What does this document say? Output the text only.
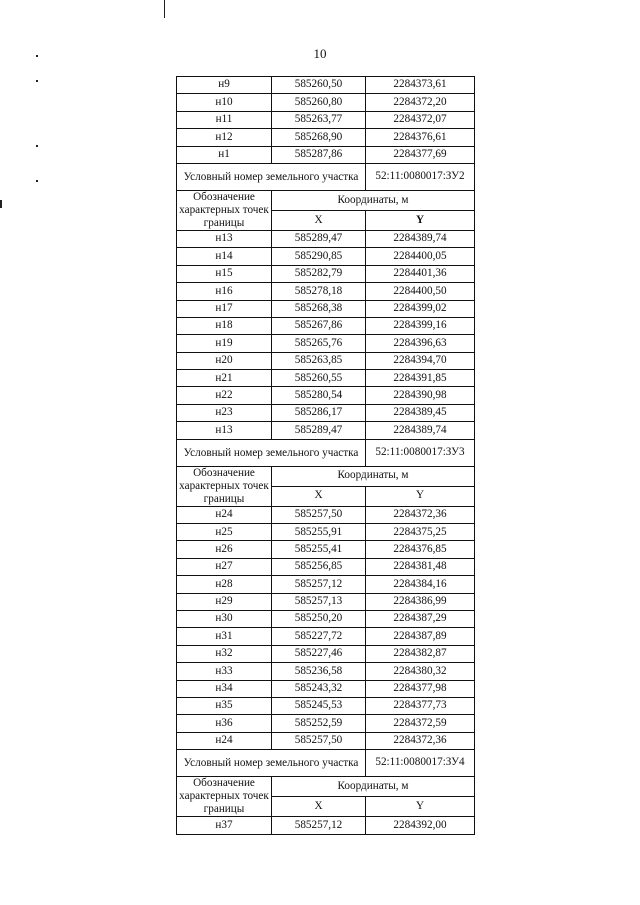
10
н9	585260,50	2284373,61
н10	585260,80	2284372,20
н11	585263,77	2284372,07
н12	585268,90	2284376,61
н1	585287,86	2284377,69
Условный номер земельного участка		52:11:0080017:ЗУ2
Обозначение характерных точек границы	Координаты, м	
	X	Y
н13	585289,47	2284389,74
н14	585290,85	2284400,05
н15	585282,79	2284401,36
н16	585278,18	2284400,50
н17	585268,38	2284399,02
н18	585267,86	2284399,16
н19	585265,76	2284396,63
н20	585263,85	2284394,70
н21	585260,55	2284391,85
н22	585280,54	2284390,98
н23	585286,17	2284389,45
н13	585289,47	2284389,74
Условный номер земельного участка		52:11:0080017:ЗУ3
Обозначение характерных точек границы	Координаты, м	
	X	Y
н24	585257,50	2284372,36
н25	585255,91	2284375,25
н26	585255,41	2284376,85
н27	585256,85	2284381,48
н28	585257,12	2284384,16
н29	585257,13	2284386,99
н30	585250,20	2284387,29
н31	585227,72	2284387,89
н32	585227,46	2284382,87
н33	585236,58	2284380,32
н34	585243,32	2284377,98
н35	585245,53	2284377,73
н36	585252,59	2284372,59
н24	585257,50	2284372,36
Условный номер земельного участка		52:11:0080017:ЗУ4
Обозначение характерных точек границы	Координаты, м	
	X	Y
н37	585257,12	2284392,00
